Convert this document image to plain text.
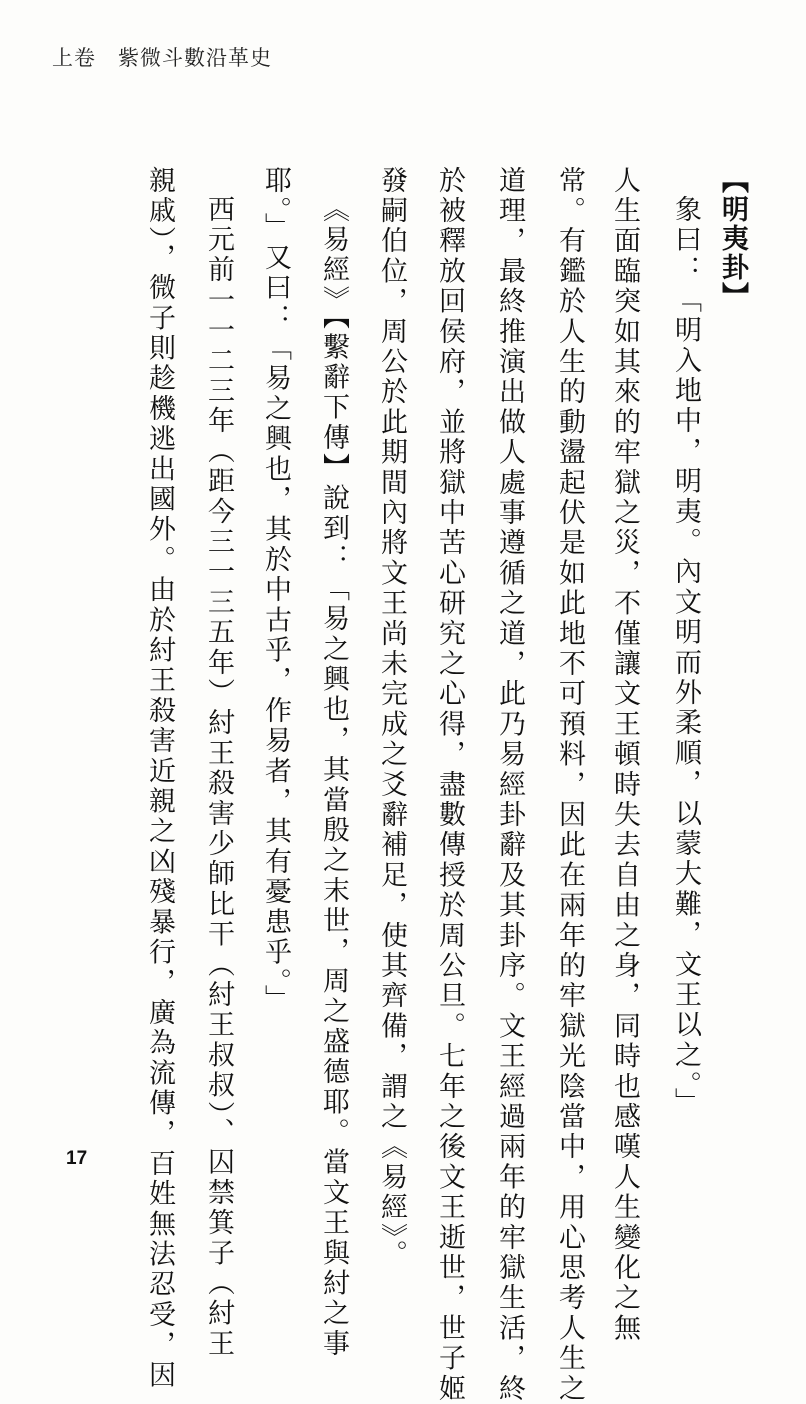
上卷 紫微斗數沿革史
【明夷卦】
象曰：「明入地中，明夷。內文明而外柔順，以蒙大難，文王以之。」
人生面臨突如其來的牢獄之災，不僅讓文王頓時失去自由之身，同時也感嘆人生變化之無
常。有鑑於人生的動盪起伏是如此地不可預料，因此在兩年的牢獄光陰當中，用心思考人生之
道理，最終推演出做人處事遵循之道，此乃易經卦辭及其卦序。文王經過兩年的牢獄生活，終
於被釋放回侯府，並將獄中苦心研究之心得，盡數傳授於周公旦。七年之後文王逝世，世子姬
發嗣伯位，周公於此期間內將文王尚未完成之爻辭補足，使其齊備，謂之《易經》。
《易經》【繫辭下傳】說到：「易之興也，其當殷之末世，周之盛德耶。當文王與紂之事
耶。」又曰：「易之興也，其於中古乎，作易者，其有憂患乎。」
西元前一一二三年（距今三一三五年）紂王殺害少師比干（紂王叔叔）、囚禁箕子（紂王
親戚），微子則趁機逃出國外。由於紂王殺害近親之凶殘暴行，廣為流傳，百姓無法忍受，因
17
